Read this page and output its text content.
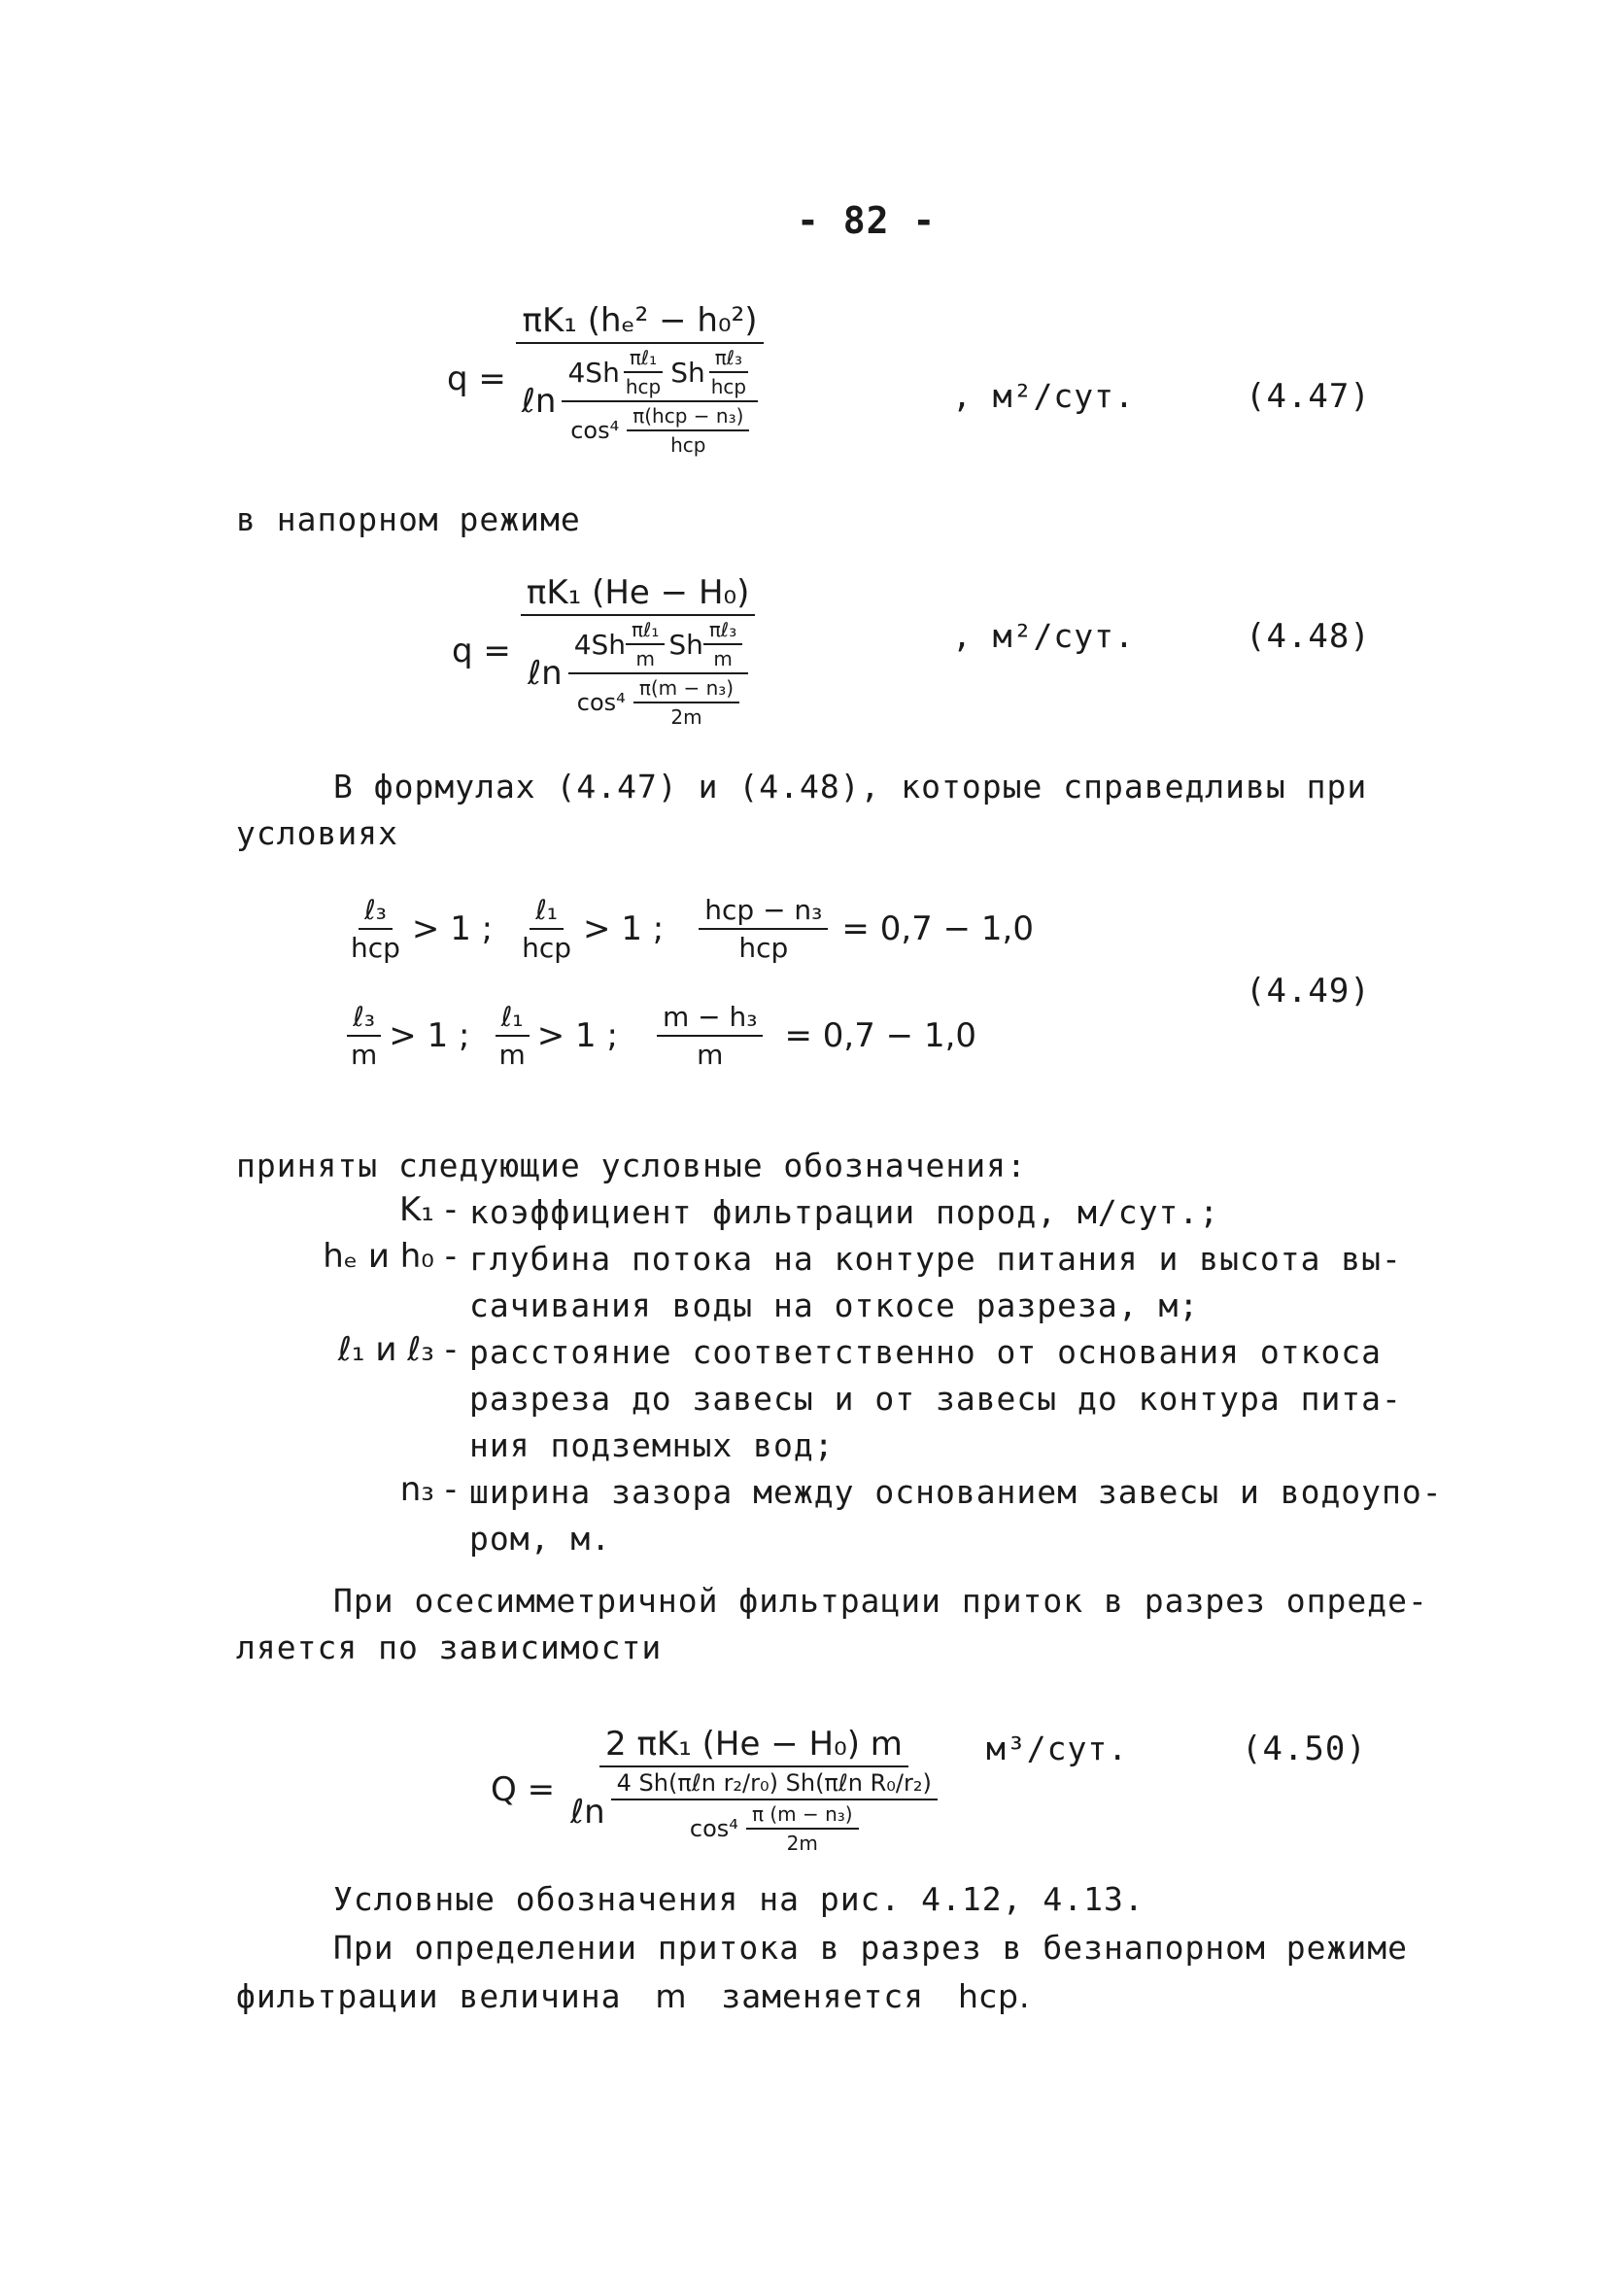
- 82 -
q =
πK₁ (hₑ² − h₀²)
ℓn $\frac{4Sh \frac{\text{πℓ₁}}{\text{hср}} Sh \frac{\text{πℓ₃}}{\text{hср}}}{\cos^4 \frac{\text{π(hср − n₃)}}{\text{hср}}}$	, м²/сут.	(4.47)
в напорном режиме
q =
πK₁ (He − H₀)
ℓn $\frac{4Sh \frac{\text{πℓ₁}}{m} Sh \frac{\text{πℓ₃}}{m}}{\cos^4 \frac{\text{π(m − n₃)}}{2m}}$	, м²/сут.	(4.48)
В формулах (4.47) и (4.48), которые справедливы при
условиях
$\frac{\text{ℓ₃}}{\text{hср}} > 1$ ; $\frac{\text{ℓ₁}}{\text{hср}} > 1$ ; $\frac{\text{hср − n₃}}{\text{hср}} = 0,7 - 1,0$
$\frac{\text{ℓ₃}}{m} > 1$ ; $\frac{\text{ℓ₁}}{m} > 1$ ; $\frac{\text{m − h₃}}{m} = 0,7 - 1,0$
(4.49)
приняты следующие условные обозначения:
K₁ - коэффициент фильтрации пород, м/сут.;
hₑ и h₀ - глубина потока на контуре питания и высота вы-
сачивания воды на откосе разреза, м;
ℓ₁ и ℓ₃ - расстояние соответственно от основания откоса
разреза до завесы и от завесы до контура пита-
ния подземных вод;
n₃ - ширина зазора между основанием завесы и водоупо-
ром, м.
При осесимметричной фильтрации приток в разрез опреде-
ляется по зависимости
Q =
2 πK₁ (He − H₀) m
ℓn $\frac{\text{4 Sh(πℓn r₂/r₀) Sh(πℓn R₀/r₂)}}{\cos^4 \frac{\text{π (m − n₃)}}{2m}}$
м³/сут.	(4.50)
Условные обозначения на рис. 4.12, 4.13.
При определении притока в разрез в безнапорном режиме
фильтрации величина m заменяется hср.
